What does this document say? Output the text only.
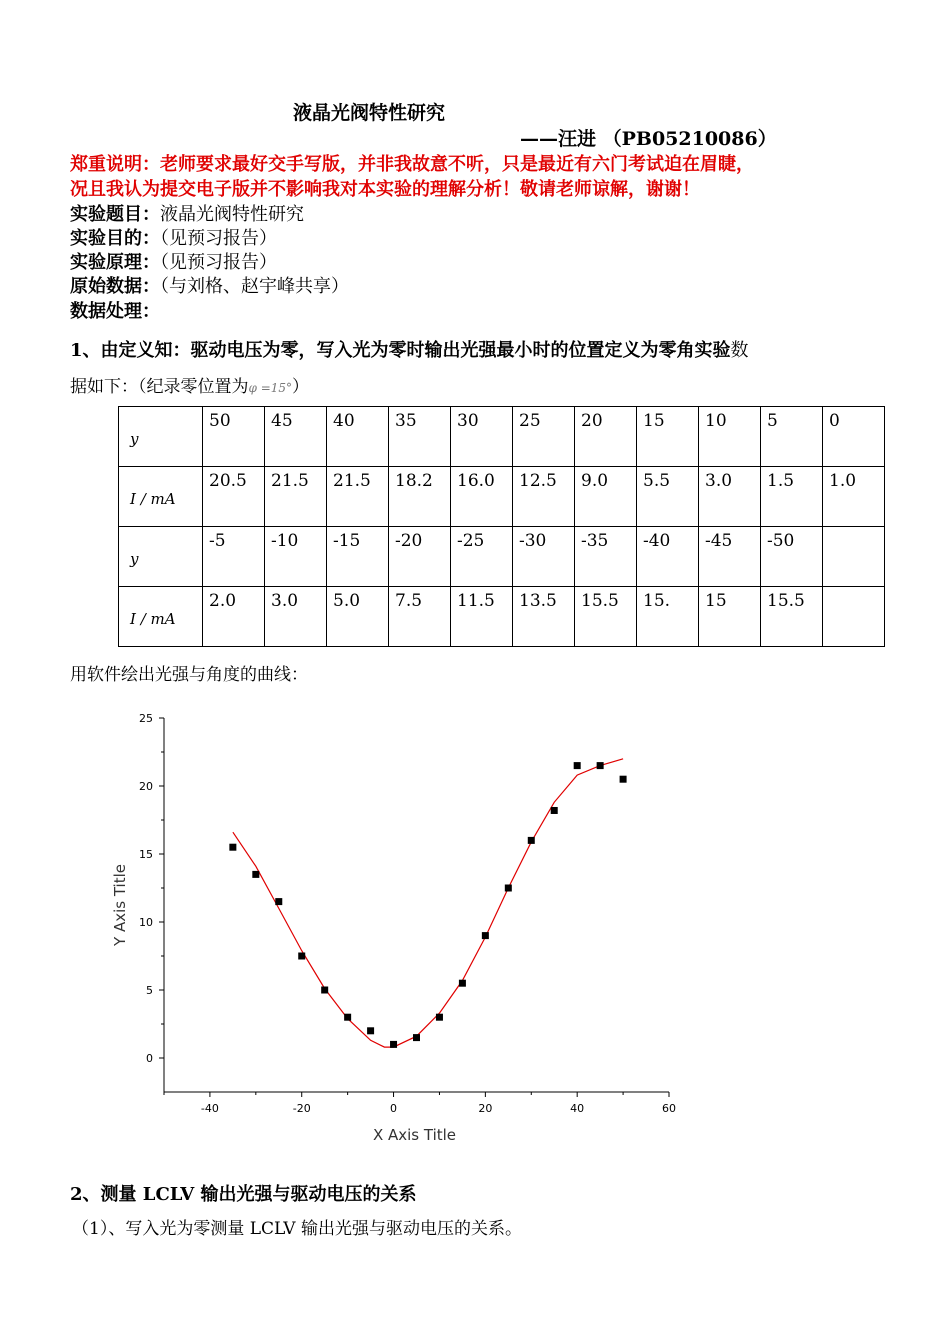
液晶光阀特性研究
——汪进 （PB05210086）
郑重说明：老师要求最好交手写版，并非我故意不听，只是最近有六门考试迫在眉睫，
况且我认为提交电子版并不影响我对本实验的理解分析！敬请老师谅解，谢谢！
实验题目：液晶光阀特性研究
实验目的：（见预习报告）
实验原理：（见预习报告）
原始数据：（与刘格、赵宇峰共享）
数据处理：
1、由定义知：驱动电压为零，写入光为零时输出光强最小时的位置定义为零角实验数
据如下：（纪录零位置为φ =15°）
y	50	45	40	35	30	25	20	15	10	5	0
I / mA	20.5	21.5	21.5	18.2	16.0	12.5	9.0	5.5	3.0	1.5	1.0
y	-5	-10	-15	-20	-25	-30	-35	-40	-45	-50	
I / mA	2.0	3.0	5.0	7.5	11.5	13.5	15.5	15.	15	15.5	
用软件绘出光强与角度的曲线：
-40	-20	0	20	40	60
0
5
10
15
20
25
X Axis Title
Y Axis Title
2、测量 LCLV 输出光强与驱动电压的关系
（1）、写入光为零测量 LCLV 输出光强与驱动电压的关系。
